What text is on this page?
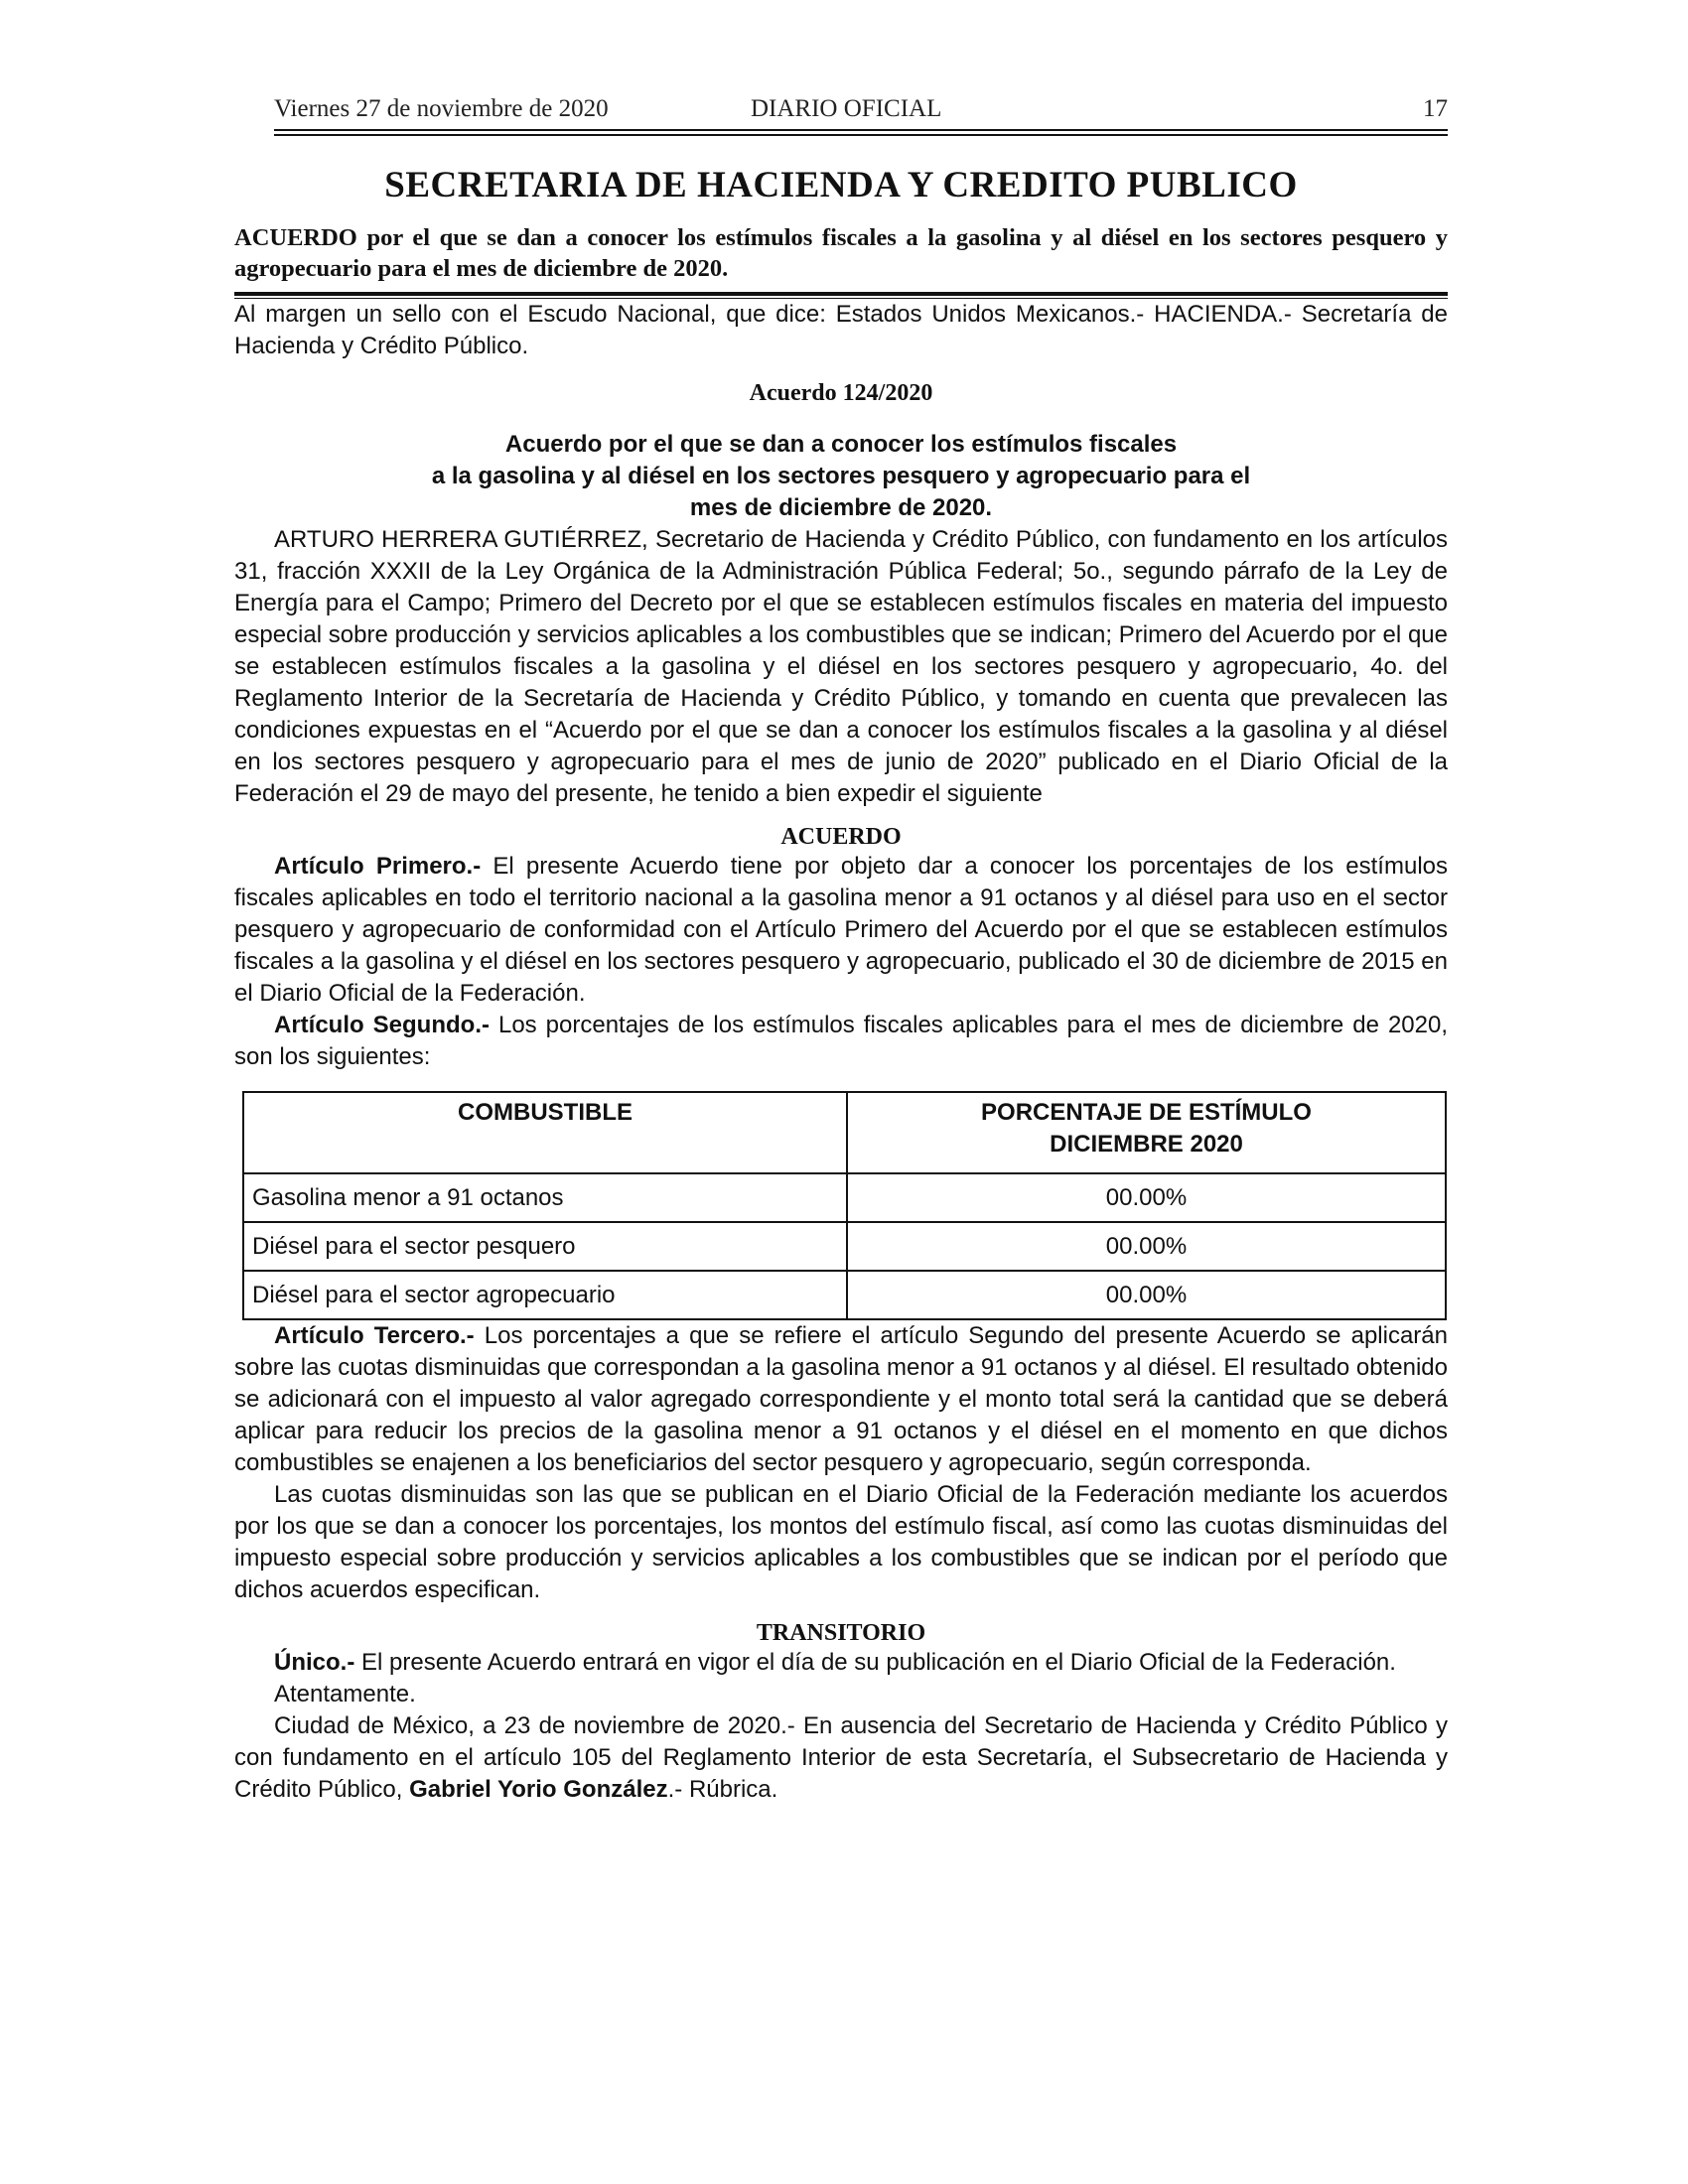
Viernes 27 de noviembre de 2020	DIARIO OFICIAL	17
SECRETARIA DE HACIENDA Y CREDITO PUBLICO
ACUERDO por el que se dan a conocer los estímulos fiscales a la gasolina y al diésel en los sectores pesquero y agropecuario para el mes de diciembre de 2020.

Al margen un sello con el Escudo Nacional, que dice: Estados Unidos Mexicanos.- HACIENDA.- Secretaría de Hacienda y Crédito Público.

Acuerdo 124/2020
Acuerdo por el que se dan a conocer los estímulos fiscales
a la gasolina y al diésel en los sectores pesquero y agropecuario para el
mes de diciembre de 2020.

ARTURO HERRERA GUTIÉRREZ, Secretario de Hacienda y Crédito Público, con fundamento en los artículos 31, fracción XXXII de la Ley Orgánica de la Administración Pública Federal; 5o., segundo párrafo de la Ley de Energía para el Campo; Primero del Decreto por el que se establecen estímulos fiscales en materia del impuesto especial sobre producción y servicios aplicables a los combustibles que se indican; Primero del Acuerdo por el que se establecen estímulos fiscales a la gasolina y el diésel en los sectores pesquero y agropecuario, 4o. del Reglamento Interior de la Secretaría de Hacienda y Crédito Público, y tomando en cuenta que prevalecen las condiciones expuestas en el “Acuerdo por el que se dan a conocer los estímulos fiscales a la gasolina y al diésel en los sectores pesquero y agropecuario para el mes de junio de 2020” publicado en el Diario Oficial de la Federación el 29 de mayo del presente, he tenido a bien expedir el siguiente

ACUERDO

Artículo Primero.- El presente Acuerdo tiene por objeto dar a conocer los porcentajes de los estímulos fiscales aplicables en todo el territorio nacional a la gasolina menor a 91 octanos y al diésel para uso en el sector pesquero y agropecuario de conformidad con el Artículo Primero del Acuerdo por el que se establecen estímulos fiscales a la gasolina y el diésel en los sectores pesquero y agropecuario, publicado el 30 de diciembre de 2015 en el Diario Oficial de la Federación.

Artículo Segundo.- Los porcentajes de los estímulos fiscales aplicables para el mes de diciembre de 2020, son los siguientes:

COMBUSTIBLE	PORCENTAJE DE ESTÍMULO
DICIEMBRE 2020

Gasolina menor a 91 octanos	00.00%
Diésel para el sector pesquero	00.00%
Diésel para el sector agropecuario	00.00%

Artículo Tercero.- Los porcentajes a que se refiere el artículo Segundo del presente Acuerdo se aplicarán sobre las cuotas disminuidas que correspondan a la gasolina menor a 91 octanos y al diésel. El resultado obtenido se adicionará con el impuesto al valor agregado correspondiente y el monto total será la cantidad que se deberá aplicar para reducir los precios de la gasolina menor a 91 octanos y el diésel en el momento en que dichos combustibles se enajenen a los beneficiarios del sector pesquero y agropecuario, según corresponda.

Las cuotas disminuidas son las que se publican en el Diario Oficial de la Federación mediante los acuerdos por los que se dan a conocer los porcentajes, los montos del estímulo fiscal, así como las cuotas disminuidas del impuesto especial sobre producción y servicios aplicables a los combustibles que se indican por el período que dichos acuerdos especifican.

TRANSITORIO

Único.- El presente Acuerdo entrará en vigor el día de su publicación en el Diario Oficial de la Federación.

Atentamente.

Ciudad de México, a 23 de noviembre de 2020.- En ausencia del Secretario de Hacienda y Crédito Público y con fundamento en el artículo 105 del Reglamento Interior de esta Secretaría, el Subsecretario de Hacienda y Crédito Público, Gabriel Yorio González.- Rúbrica.
